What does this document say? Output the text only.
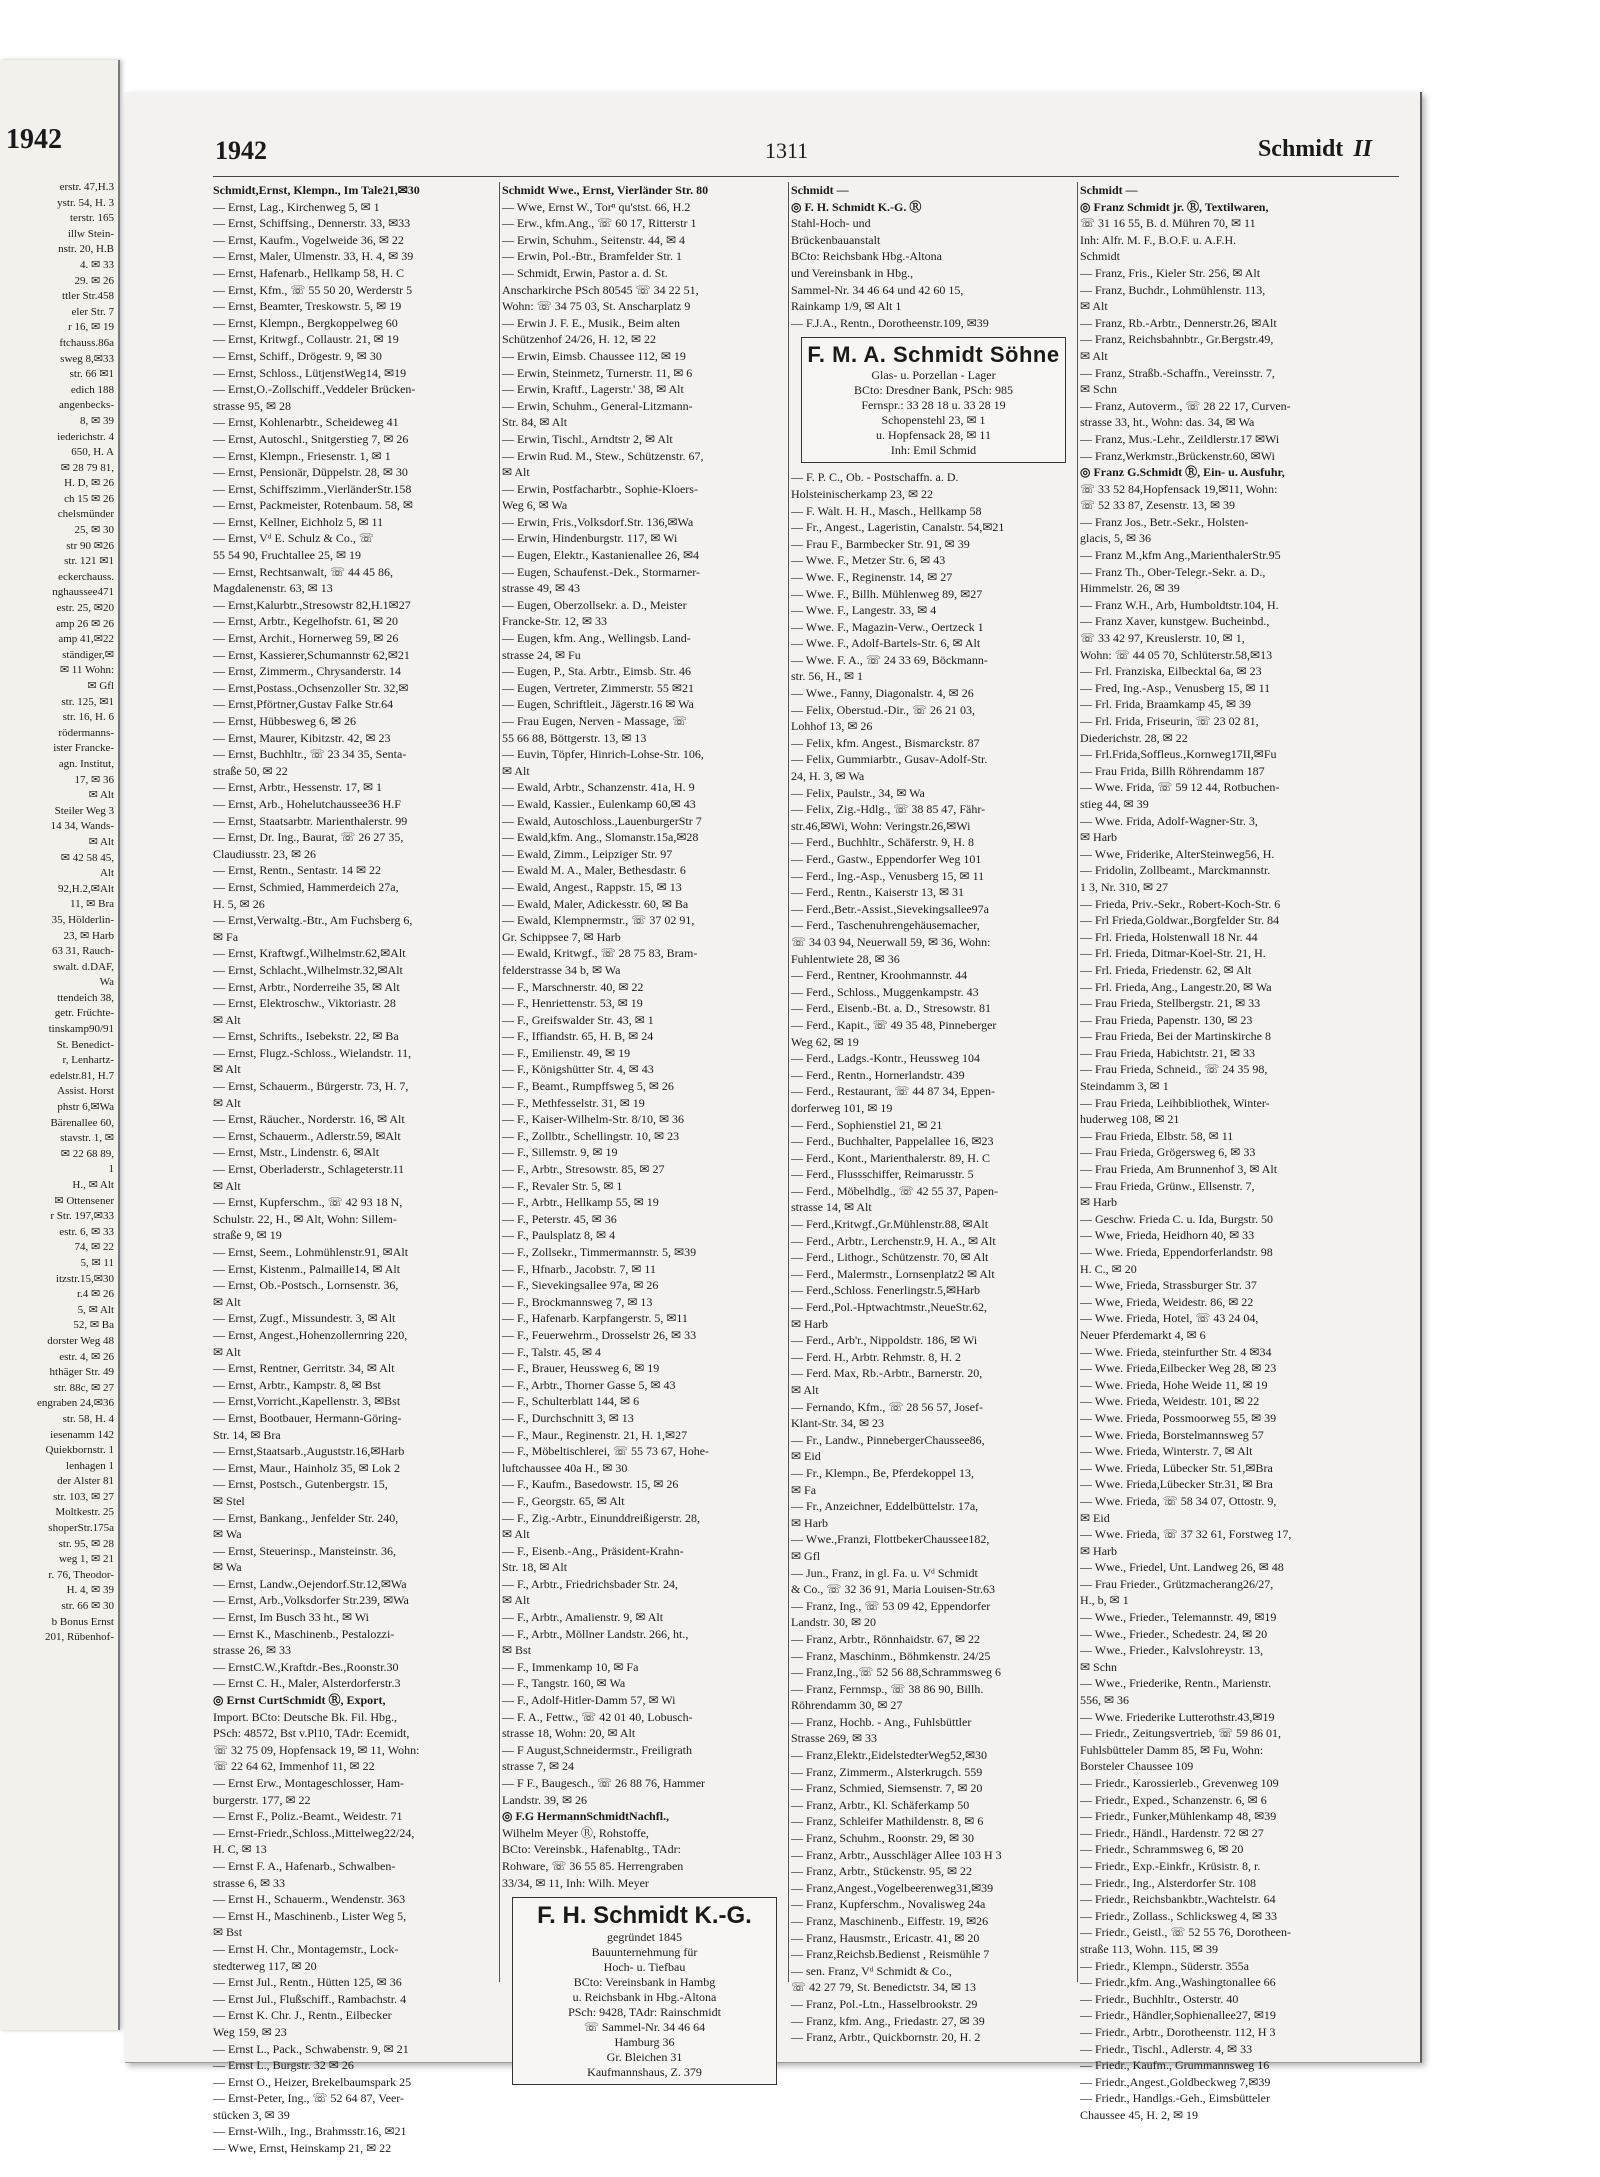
1942
erstr. 47,H.3
ystr. 54, H. 3
terstr. 165
illw Stein-
nstr. 20, H.B
4. ✉ 33
29. ✉ 26
ttler Str.458
eler Str. 7
r 16, ✉ 19
ftchauss.86a
sweg 8,✉33
str. 66 ✉1
edich 188
angenbecks-
8, ✉ 39
iederichstr. 4
650, H. A
✉ 28 79 81,
H. D, ✉ 26
ch 15 ✉ 26
chelsmünder
25, ✉ 30
str 90 ✉26
str. 121 ✉1
eckerchauss.
nghausseе471
estr. 25, ✉20
amp 26 ✉ 26
amp 41,✉22
ständiger,✉
✉ 11 Wohn:
✉ Gfl
str. 125, ✉1
str. 16, H. 6
rödermanns-
ister Francke-
agn. Institut,
17, ✉ 36
✉ Alt
Steiler Weg 3
14 34, Wands-
✉ Alt
✉ 42 58 45,
Alt
92,H.2,✉Alt
11, ✉ Bra
35, Hölderlin-
23, ✉ Harb
63 31, Rauch-
swalt. d.DAF,
Wa
ttendeich 38,
getr. Früchte-
tinskamp90/91
St. Benedict-
r, Lenhartz-
edelstr.81, H.7
Assist. Horst
phstr 6,✉Wa
Bärenallee 60,
stavstr. 1, ✉
✉ 22 68 89,
1
H., ✉ Alt
✉ Ottensener
r Str. 197,✉33
estr. 6, ✉ 33
74, ✉ 22
5, ✉ 11
itzstr.15,✉30
r.4 ✉ 26
5, ✉ Alt
52, ✉ Ba
dorster Weg 48
estr. 4, ✉ 26
hthäger Str. 49
str. 88c, ✉ 27
engraben 24,✉36
str. 58, H. 4
iesenamm 142
Quiekbornstr. 1
lenhagen 1
der Alster 81
str. 103, ✉ 27
Moltkestr. 25
shoperStr.175a
str. 95, ✉ 28
weg 1, ✉ 21
r. 76, Theodor-
H. 4, ✉ 39
str. 66 ✉ 30
b Bonus Ernst
201, Rübenhof-
1942	1311	Schmidt II
Schmidt,Ernst, Klempn., Im Tale21,✉30
— Ernst, Lag., Kirchenweg 5, ✉ 1
— Ernst, Schiffsing., Dennerstr. 33, ✉33
— Ernst, Kaufm., Vogelweide 36, ✉ 22
— Ernst, Maler, Ulmenstr. 33, H. 4, ✉ 39
— Ernst, Hafenarb., Hellkamp 58, H. C
— Ernst, Kfm., ☏ 55 50 20, Werderstr 5
— Ernst, Beamter, Treskowstr. 5, ✉ 19
— Ernst, Klempn., Bergkoppelweg 60
— Ernst, Kritwgf., Collaustr. 21, ✉ 19
— Ernst, Schiff., Drögestr. 9, ✉ 30
— Ernst, Schloss., LütjenstWeg14, ✉19
— Ernst,O.-Zollschiff.,Veddeler Brücken-
strasse 95, ✉ 28
— Ernst, Kohlenarbtr., Scheideweg 41
— Ernst, Autoschl., Snitgerstieg 7, ✉ 26
— Ernst, Klempn., Friesenstr. 1, ✉ 1
— Ernst, Pensionär, Düppelstr. 28, ✉ 30
— Ernst, Schiffszimm.,VierländerStr.158
— Ernst, Packmeister, Rotenbaum. 58, ✉
— Ernst, Kellner, Eichholz 5, ✉ 11
— Ernst, Vᵈ E. Schulz & Co., ☏
55 54 90, Fruchtallee 25, ✉ 19
— Ernst, Rechtsanwalt, ☏ 44 45 86,
Magdalenenstr. 63, ✉ 13
— Ernst,Kalurbtr.,Stresowstr 82,H.1✉27
— Ernst, Arbtr., Kegelhofstr. 61, ✉ 20
— Ernst, Archit., Hornerweg 59, ✉ 26
— Ernst, Kassierer,Schumannstr 62,✉21
— Ernst, Zimmerm., Chrysanderstr. 14
— Ernst,Postass.,Ochsenzoller Str. 32,✉
— Ernst,Pförtner,Gustav Falke Str.64
— Ernst, Hübbesweg 6, ✉ 26
— Ernst, Maurer, Kibitzstr. 42, ✉ 23
— Ernst, Buchhltr., ☏ 23 34 35, Senta-
straße 50, ✉ 22
— Ernst, Arbtr., Hessenstr. 17, ✉ 1
— Ernst, Arb., Hohelutchaussee36 H.F
— Ernst, Staatsarbtr. Marienthalerstr. 99
— Ernst, Dr. Ing., Baurat, ☏ 26 27 35,
Claudiusstr. 23, ✉ 26
— Ernst, Rentn., Sentastr. 14 ✉ 22
— Ernst, Schmied, Hammerdeich 27a,
H. 5, ✉ 26
— Ernst,Verwaltg.-Btr., Am Fuchsberg 6,
✉ Fa
— Ernst, Kraftwgf.,Wilhelmstr.62,✉Alt
— Ernst, Schlacht.,Wilhelmstr.32,✉Alt
— Ernst, Arbtr., Norderreihe 35, ✉ Alt
— Ernst, Elektroschw., Viktoriastr. 28
✉ Alt
— Ernst, Schrifts., Isebekstr. 22, ✉ Ba
— Ernst, Flugz.-Schloss., Wielandstr. 11,
✉ Alt
— Ernst, Schauerm., Bürgerstr. 73, H. 7,
✉ Alt
— Ernst, Räucher., Norderstr. 16, ✉ Alt
— Ernst, Schauerm., Adlerstr.59, ✉Alt
— Ernst, Mstr., Lindenstr. 6, ✉Alt
— Ernst, Oberladerstr., Schlageterstr.11
✉ Alt
— Ernst, Kupferschm., ☏ 42 93 18 N,
Schulstr. 22, H., ✉ Alt, Wohn: Sillem-
straße 9, ✉ 19
— Ernst, Seem., Lohmühlenstr.91, ✉Alt
— Ernst, Kistenm., Palmaille14, ✉ Alt
— Ernst, Ob.-Postsch., Lornsenstr. 36,
✉ Alt
— Ernst, Zugf., Missundestr. 3, ✉ Alt
— Ernst, Angest.,Hohenzollernring 220,
✉ Alt
— Ernst, Rentner, Gerritstr. 34, ✉ Alt
— Ernst, Arbtr., Kampstr. 8, ✉ Bst
— Ernst,Vorricht.,Kapellenstr. 3, ✉Bst
— Ernst, Bootbauer, Hermann-Göring-
Str. 14, ✉ Bra
— Ernst,Staatsarb.,Auguststr.16,✉Harb
— Ernst, Maur., Hainholz 35, ✉ Lok 2
— Ernst, Postsch., Gutenbergstr. 15,
✉ Stel
— Ernst, Bankang., Jenfelder Str. 240,
✉ Wa
— Ernst, Steuerinsp., Mansteinstr. 36,
✉ Wa
— Ernst, Landw.,Oejendorf.Str.12,✉Wa
— Ernst, Arb.,Volksdorfer Str.239, ✉Wa
— Ernst, Im Busch 33 ht., ✉ Wi
— Ernst K., Maschinenb., Pestalozzi-
strasse 26, ✉ 33
— ErnstC.W.,Kraftdr.-Bes.,Roonstr.30
— Ernst C. H., Maler, Alsterdorferstr.3
◎ Ernst CurtSchmidt Ⓡ, Export,
Import. BCto: Deutsche Bk. Fil. Hbg.,
PSch: 48572, Bst v.Pl10, TAdr: Ecemidt,
☏ 32 75 09, Hopfensack 19, ✉ 11, Wohn:
☏ 22 64 62, Immenhof 11, ✉ 22
— Ernst Erw., Montageschlosser, Ham-
burgerstr. 177, ✉ 22
— Ernst F., Poliz.-Beamt., Weidestr. 71
— Ernst-Friedr.,Schloss.,Mittelweg22/24,
H. C, ✉ 13
— Ernst F. A., Hafenarb., Schwalben-
strasse 6, ✉ 33
— Ernst H., Schauerm., Wendenstr. 363
— Ernst H., Maschinenb., Lister Weg 5,
✉ Bst
— Ernst H. Chr., Montagemstr., Lock-
stedterweg 117, ✉ 20
— Ernst Jul., Rentn., Hütten 125, ✉ 36
— Ernst Jul., Flußschiff., Rambachstr. 4
— Ernst K. Chr. J., Rentn., Eilbecker
Weg 159, ✉ 23
— Ernst L., Pack., Schwabenstr. 9, ✉ 21
— Ernst L., Burgstr. 32 ✉ 26
— Ernst O., Heizer, Brekelbaumspark 25
— Ernst-Peter, Ing., ☏ 52 64 87, Veer-
stücken 3, ✉ 39
— Ernst-Wilh., Ing., Brahmsstr.16, ✉21
— Wwe, Ernst, Heinskamp 21, ✉ 22
Schmidt Wwe., Ernst, Vierländer Str. 80
— Wwe, Ernst W., Torⁿ qu'stst. 66, H.2
— Erw., kfm.Ang., ☏ 60 17, Ritterstr 1
— Erwin, Schuhm., Seitenstr. 44, ✉ 4
— Erwin, Pol.-Btr., Bramfelder Str. 1
— Schmidt, Erwin, Pastor a. d. St.
Anscharkirche PSch 80545 ☏ 34 22 51,
Wohn: ☏ 34 75 03, St. Anscharplatz 9
— Erwin J. F. E., Musik., Beim alten
Schützenhof 24/26, H. 12, ✉ 22
— Erwin, Eimsb. Chaussee 112, ✉ 19
— Erwin, Steinmetz, Turnerstr. 11, ✉ 6
— Erwin, Kraftf., Lagerstr.' 38, ✉ Alt
— Erwin, Schuhm., General-Litzmann-
Str. 84, ✉ Alt
— Erwin, Tischl., Arndtstr 2, ✉ Alt
— Erwin Rud. M., Stew., Schützenstr. 67,
✉ Alt
— Erwin, Postfacharbtr., Sophie-Kloers-
Weg 6, ✉ Wa
— Erwin, Fris.,Volksdorf.Str. 136,✉Wa
— Erwin, Hindenburgstr. 117, ✉ Wi
— Eugen, Elektr., Kastanienallee 26, ✉4
— Eugen, Schaufenst.-Dek., Stormarner-
strasse 49, ✉ 43
— Eugen, Oberzollsekr. a. D., Meister
Francke-Str. 12, ✉ 33
— Eugen, kfm. Ang., Wellingsb. Land-
strasse 24, ✉ Fu
— Eugen, P., Sta. Arbtr., Eimsb. Str. 46
— Eugen, Vertreter, Zimmerstr. 55 ✉21
— Eugen, Schriftleit., Jägerstr.16 ✉ Wa
— Frau Eugen, Nerven - Massage, ☏
55 66 88, Böttgerstr. 13, ✉ 13
— Euvin, Töpfer, Hinrich-Lohse-Str. 106,
✉ Alt
— Ewald, Arbtr., Schanzenstr. 41a, H. 9
— Ewald, Kassier., Eulenkamp 60,✉ 43
— Ewald, Autoschloss.,LauenburgerStr 7
— Ewald,kfm. Ang., Slomanstr.15a,✉28
— Ewald, Zimm., Leipziger Str. 97
— Ewald M. A., Maler, Bethesdastr. 6
— Ewald, Angest., Rappstr. 15, ✉ 13
— Ewald, Maler, Adickesstr. 60, ✉ Ba
— Ewald, Klempnermstr., ☏ 37 02 91,
Gr. Schippsee 7, ✉ Harb
— Ewald, Kritwgf., ☏ 28 75 83, Bram-
felderstrasse 34 b, ✉ Wa
— F., Marschnerstr. 40, ✉ 22
— F., Henriettenstr. 53, ✉ 19
— F., Greifswalder Str. 43, ✉ 1
— F., Iffiandstr. 65, H. B, ✉ 24
— F., Emilienstr. 49, ✉ 19
— F., Königshütter Str. 4, ✉ 43
— F., Beamt., Rumpffsweg 5, ✉ 26
— F., Methfesselstr. 31, ✉ 19
— F., Kaiser-Wilhelm-Str. 8/10, ✉ 36
— F., Zollbtr., Schellingstr. 10, ✉ 23
— F., Sillemstr. 9, ✉ 19
— F., Arbtr., Stresowstr. 85, ✉ 27
— F., Revaler Str. 5, ✉ 1
— F., Arbtr., Hellkamp 55, ✉ 19
— F., Peterstr. 45, ✉ 36
— F., Paulsplatz 8, ✉ 4
— F., Zollsekr., Timmermannstr. 5, ✉39
— F., Hfnarb., Jacobstr. 7, ✉ 11
— F., Sievekingsallee 97a, ✉ 26
— F., Brockmannsweg 7, ✉ 13
— F., Hafenarb. Karpfangerstr. 5, ✉11
— F., Feuerwehrm., Drosselstr 26, ✉ 33
— F., Talstr. 45, ✉ 4
— F., Brauer, Heussweg 6, ✉ 19
— F., Arbtr., Thorner Gasse 5, ✉ 43
— F., Schulterblatt 144, ✉ 6
— F., Durchschnitt 3, ✉ 13
— F., Maur., Reginenstr. 21, H. 1,✉27
— F., Möbeltischlerei, ☏ 55 73 67, Hohe-
luftchaussee 40a H., ✉ 30
— F., Kaufm., Basedowstr. 15, ✉ 26
— F., Georgstr. 65, ✉ Alt
— F., Zig.-Arbtr., Einunddreißigerstr. 28,
✉ Alt
— F., Eisenb.-Ang., Präsident-Krahn-
Str. 18, ✉ Alt
— F., Arbtr., Friedrichsbader Str. 24,
✉ Alt
— F., Arbtr., Amalienstr. 9, ✉ Alt
— F., Arbtr., Möllner Landstr. 266, ht.,
✉ Bst
— F., Immenkamp 10, ✉ Fa
— F., Tangstr. 160, ✉ Wa
— F., Adolf-Hitler-Damm 57, ✉ Wi
— F. A., Fettw., ☏ 42 01 40, Lobusch-
strasse 18, Wohn: 20, ✉ Alt
— F August,Schneidermstr., Freiligrath
strasse 7, ✉ 24
— F F., Baugesch., ☏ 26 88 76, Hammer
Landstr. 39, ✉ 26
◎ F.G HermannSchmidtNachfl.,
Wilhelm Meyer Ⓡ, Rohstoffe,
BCto: Vereinsbk., Hafenabltg., TAdr:
Rohware, ☏ 36 55 85. Herrengraben
33/34, ✉ 11, Inh: Wilh. Meyer
F. H. Schmidt K.-G.
gegründet 1845
Bauunternehmung für
Hoch- u. Tiefbau
BCto: Vereinsbank in Hambg
u. Reichsbank in Hbg.-Altona
PSch: 9428, TAdr: Rainschmidt
☏ Sammel-Nr. 34 46 64
Hamburg 36
Gr. Bleichen 31
Kaufmannshaus, Z. 379
Schmidt —
◎ F. H. Schmidt K.-G. Ⓡ
Stahl-Hoch- und
Brückenbauanstalt
BCto: Reichsbank Hbg.-Altona
und Vereinsbank in Hbg.,
Sammel-Nr. 34 46 64 und 42 60 15,
Rainkamp 1/9, ✉ Alt 1
— F.J.A., Rentn., Dorotheenstr.109, ✉39
F. M. A. Schmidt Söhne
Glas- u. Porzellan - Lager
BCto: Dresdner Bank, PSch: 985
Fernspr.: 33 28 18 u. 33 28 19
Schopenstehl 23, ✉ 1
u. Hopfensack 28, ✉ 11
Inh: Emil Schmid
— F. P. C., Ob. - Postschaffn. a. D.
Holsteinischerkamp 23, ✉ 22
— F. Walt. H. H., Masch., Hellkamp 58
— Fr., Angest., Lageristin, Canalstr. 54,✉21
— Frau F., Barmbecker Str. 91, ✉ 39
— Wwe. F., Metzer Str. 6, ✉ 43
— Wwe. F., Reginenstr. 14, ✉ 27
— Wwe. F., Billh. Mühlenweg 89, ✉27
— Wwe. F., Langestr. 33, ✉ 4
— Wwe. F., Magazin-Verw., Oertzeck 1
— Wwe. F., Adolf-Bartels-Str. 6, ✉ Alt
— Wwe. F. A., ☏ 24 33 69, Böckmann-
str. 56, H., ✉ 1
— Wwe., Fanny, Diagonalstr. 4, ✉ 26
— Felix, Oberstud.-Dir., ☏ 26 21 03,
Lohhof 13, ✉ 26
— Felix, kfm. Angest., Bismarckstr. 87
— Felix, Gummiarbtr., Gusav-Adolf-Str.
24, H. 3, ✉ Wa
— Felix, Paulstr., 34, ✉ Wa
— Felix, Zig.-Hdlg., ☏ 38 85 47, Fähr-
str.46,✉Wi, Wohn: Veringstr.26,✉Wi
— Ferd., Buchhltr., Schäferstr. 9, H. 8
— Ferd., Gastw., Eppendorfer Weg 101
— Ferd., Ing.-Asp., Venusberg 15, ✉ 11
— Ferd., Rentn., Kaiserstr 13, ✉ 31
— Ferd.,Betr.-Assist.,Sievekingsallee97a
— Ferd., Taschenuhrengehäusemacher,
☏ 34 03 94, Neuerwall 59, ✉ 36, Wohn:
Fuhlentwiete 28, ✉ 36
— Ferd., Rentner, Kroohmannstr. 44
— Ferd., Schloss., Muggenkampstr. 43
— Ferd., Eisenb.-Bt. a. D., Stresowstr. 81
— Ferd., Kapit., ☏ 49 35 48, Pinneberger
Weg 62, ✉ 19
— Ferd., Ladgs.-Kontr., Heussweg 104
— Ferd., Rentn., Hornerlandstr. 439
— Ferd., Restaurant, ☏ 44 87 34, Eppen-
dorferweg 101, ✉ 19
— Ferd., Sophienstiel 21, ✉ 21
— Ferd., Buchhalter, Pappelallee 16, ✉23
— Ferd., Kont., Marienthalerstr. 89, H. C
— Ferd., Flussschiffer, Reimarusstr. 5
— Ferd., Möbelhdlg., ☏ 42 55 37, Papen-
strasse 14, ✉ Alt
— Ferd.,Kritwgf.,Gr.Mühlenstr.88, ✉Alt
— Ferd., Arbtr., Lerchenstr.9, H. A., ✉ Alt
— Ferd., Lithogr., Schützenstr. 70, ✉ Alt
— Ferd., Malermstr., Lornsenplatz2 ✉ Alt
— Ferd.,Schloss. Fenerlingstr.5,✉Harb
— Ferd.,Pol.-Hptwachtmstr.,NeueStr.62,
✉ Harb
— Ferd., Arb'r., Nippoldstr. 186, ✉ Wi
— Ferd. H., Arbtr. Rehmstr. 8, H. 2
— Ferd. Max, Rb.-Arbtr., Barnerstr. 20,
✉ Alt
— Fernando, Kfm., ☏ 28 56 57, Josef-
Klant-Str. 34, ✉ 23
— Fr., Landw., PinnebergerChaussee86,
✉ Eid
— Fr., Klempn., Be, Pferdekoppel 13,
✉ Fa
— Fr., Anzeichner, Eddelbüttelstr. 17a,
✉ Harb
— Wwe.,Franzi, FlottbekerChaussee182,
✉ Gfl
— Jun., Franz, in gl. Fa. u. Vᵈ Schmidt
& Co., ☏ 32 36 91, Maria Louisen-Str.63
— Franz, Ing., ☏ 53 09 42, Eppendorfer
Landstr. 30, ✉ 20
— Franz, Arbtr., Rönnhaidstr. 67, ✉ 22
— Franz, Maschinm., Böhmkenstr. 24/25
— Franz,Ing.,☏ 52 56 88,Schrammsweg 6
— Franz, Fernmsp., ☏ 38 86 90, Billh.
Röhrendamm 30, ✉ 27
— Franz, Hochb. - Ang., Fuhlsbüttler
Strasse 269, ✉ 33
— Franz,Elektr.,EidelstedterWeg52,✉30
— Franz, Zimmerm., Alsterkrugch. 559
— Franz, Schmied, Siemsenstr. 7, ✉ 20
— Franz, Arbtr., Kl. Schäferkamp 50
— Franz, Schleifer Mathildenstr. 8, ✉ 6
— Franz, Schuhm., Roonstr. 29, ✉ 30
— Franz, Arbtr., Ausschläger Allee 103 H 3
— Franz, Arbtr., Stückenstr. 95, ✉ 22
— Franz,Angest.,Vogelbeerenweg31,✉39
— Franz, Kupferschm., Novalisweg 24a
— Franz, Maschinenb., Eiffestr. 19, ✉26
— Franz, Hausmstr., Ericastr. 41, ✉ 20
— Franz,Reichsb.Bedienst , Reismühle 7
— sen. Franz, Vᵈ Schmidt & Co.,
☏ 42 27 79, St. Benedictstr. 34, ✉ 13
— Franz, Pol.-Ltn., Hasselbrookstr. 29
— Franz, kfm. Ang., Friedastr. 27, ✉ 39
— Franz, Arbtr., Quickbornstr. 20, H. 2
Schmidt —
◎ Franz Schmidt jr. Ⓡ, Textilwaren,
☏ 31 16 55, B. d. Mühren 70, ✉ 11
Inh: Alfr. M. F., B.O.F. u. A.F.H.
Schmidt
— Franz, Fris., Kieler Str. 256, ✉ Alt
— Franz, Buchdr., Lohmühlenstr. 113,
✉ Alt
— Franz, Rb.-Arbtr., Dennerstr.26, ✉Alt
— Franz, Reichsbahnbtr., Gr.Bergstr.49,
✉ Alt
— Franz, Straßb.-Schaffn., Vereinsstr. 7,
✉ Schn
— Franz, Autoverm., ☏ 28 22 17, Curven-
strasse 33, ht., Wohn: das. 34, ✉ Wa
— Franz, Mus.-Lehr., Zeildlerstr.17 ✉Wi
— Franz,Werkmstr.,Brückenstr.60, ✉Wi
◎ Franz G.Schmidt Ⓡ, Ein- u. Ausfuhr,
☏ 33 52 84,Hopfensack 19,✉11, Wohn:
☏ 52 33 87, Zesenstr. 13, ✉ 39
— Franz Jos., Betr.-Sekr., Holsten-
glacis, 5, ✉ 36
— Franz M.,kfm Ang.,MarienthalerStr.95
— Franz Th., Ober-Telegr.-Sekr. a. D.,
Himmelstr. 26, ✉ 39
— Franz W.H., Arb, Humboldtstr.104, H.
— Franz Xaver, kunstgew. Bucheinbd.,
☏ 33 42 97, Kreuslerstr. 10, ✉ 1,
Wohn: ☏ 44 05 70, Schlüterstr.58,✉13
— Frl. Franziska, Eilbecktal 6a, ✉ 23
— Fred, Ing.-Asp., Venusberg 15, ✉ 11
— Frl. Frida, Braamkamp 45, ✉ 39
— Frl. Frida, Friseurin, ☏ 23 02 81,
Diederichstr. 28, ✉ 22
— Frl.Frida,Soffleus.,Kornweg17II,✉Fu
— Frau Frida, Billh Röhrendamm 187
— Wwe. Frida, ☏ 59 12 44, Rotbuchen-
stieg 44, ✉ 39
— Wwe. Frida, Adolf-Wagner-Str. 3,
✉ Harb
— Wwe, Friderike, AlterSteinweg56, H.
— Fridolin, Zollbeamt., Marckmannstr.
1 3, Nr. 310, ✉ 27
— Frieda, Priv.-Sekr., Robert-Koch-Str. 6
— Frl Frieda,Goldwar.,Borgfelder Str. 84
— Frl. Frieda, Holstenwall 18 Nr. 44
— Frl. Frieda, Ditmar-Koel-Str. 21, H.
— Frl. Frieda, Friedenstr. 62, ✉ Alt
— Frl. Frieda, Ang., Langestr.20, ✉ Wa
— Frau Frieda, Stellbergstr. 21, ✉ 33
— Frau Frieda, Papenstr. 130, ✉ 23
— Frau Frieda, Bei der Martinskirche 8
— Frau Frieda, Habichtstr. 21, ✉ 33
— Frau Frieda, Schneid., ☏ 24 35 98,
Steindamm 3, ✉ 1
— Frau Frieda, Leihbibliothek, Winter-
huderweg 108, ✉ 21
— Frau Frieda, Elbstr. 58, ✉ 11
— Frau Frieda, Grögersweg 6, ✉ 33
— Frau Frieda, Am Brunnenhof 3, ✉ Alt
— Frau Frieda, Grünw., Ellsenstr. 7,
✉ Harb
— Geschw. Frieda C. u. Ida, Burgstr. 50
— Wwe, Frieda, Heidhorn 40, ✉ 33
— Wwe. Frieda, Eppendorferlandstr. 98
H. C., ✉ 20
— Wwe, Frieda, Strassburger Str. 37
— Wwe, Frieda, Weidestr. 86, ✉ 22
— Wwe. Frieda, Hotel, ☏ 43 24 04,
Neuer Pferdemarkt 4, ✉ 6
— Wwe. Frieda, steinfurther Str. 4 ✉34
— Wwe. Frieda,Eilbecker Weg 28, ✉ 23
— Wwe. Frieda, Hohe Weide 11, ✉ 19
— Wwe. Frieda, Weidestr. 101, ✉ 22
— Wwe. Frieda, Possmoorweg 55, ✉ 39
— Wwe. Frieda, Borstelmannsweg 57
— Wwe. Frieda, Winterstr. 7, ✉ Alt
— Wwe. Frieda, Lübecker Str. 51,✉Bra
— Wwe. Frieda,Lübecker Str.31, ✉ Bra
— Wwe. Frieda, ☏ 58 34 07, Ottostr. 9,
✉ Eid
— Wwe. Frieda, ☏ 37 32 61, Forstweg 17,
✉ Harb
— Wwe., Friedel, Unt. Landweg 26, ✉ 48
— Frau Frieder., Grützmacherang26/27,
H., b, ✉ 1
— Wwe., Frieder., Telemannstr. 49, ✉19
— Wwe., Frieder., Schedestr. 24, ✉ 20
— Wwe., Frieder., Kalvslohreystr. 13,
✉ Schn
— Wwe., Friederike, Rentn., Marienstr.
556, ✉ 36
— Wwe. Friederike Lutterothstr.43,✉19
— Friedr., Zeitungsvertrieb, ☏ 59 86 01,
Fuhlsbütteler Damm 85, ✉ Fu, Wohn:
Borsteler Chaussee 109
— Friedr., Karossierleb., Grevenweg 109
— Friedr., Exped., Schanzenstr. 6, ✉ 6
— Friedr., Funker,Mühlenkamp 48, ✉39
— Friedr., Händl., Hardenstr. 72 ✉ 27
— Friedr., Schrammsweg 6, ✉ 20
— Friedr., Exp.-Einkfr., Krüsistr. 8, r.
— Friedr., Ing., Alsterdorfer Str. 108
— Friedr., Reichsbankbtr.,Wachtelstr. 64
— Friedr., Zollass., Schlicksweg 4, ✉ 33
— Friedr., Geistl., ☏ 52 55 76, Dorotheen-
straße 113, Wohn. 115, ✉ 39
— Friedr., Klempn., Süderstr. 355a
— Friedr.,kfm. Ang.,Washingtonallee 66
— Friedr., Buchhltr., Osterstr. 40
— Friedr., Händler,Sophienallee27, ✉19
— Friedr., Arbtr., Dorotheenstr. 112, H 3
— Friedr., Tischl., Adlerstr. 4, ✉ 33
— Friedr., Kaufm., Grummannsweg 16
— Friedr.,Angest.,Goldbeckweg 7,✉39
— Friedr., Handlgs.-Geh., Eimsbüttelеr
Chaussee 45, H. 2, ✉ 19
